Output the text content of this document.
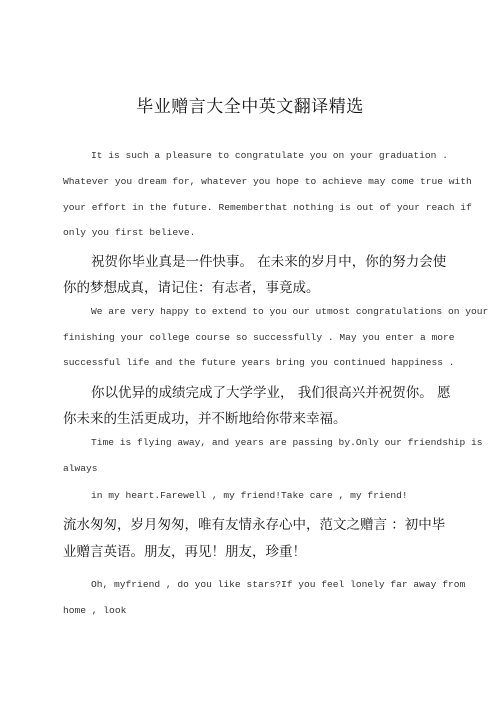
毕业赠言大全中英文翻译精选
It is such a pleasure to congratulate you on your graduation .
Whatever you dream for, whatever you hope to achieve may come true with
your effort in the future. Rememberthat nothing is out of your reach if
only you first believe.
祝贺你毕业真是一件快事。 在未来的岁月中，你的努力会使
你的梦想成真，请记住：有志者，事竟成。
We are very happy to extend to you our utmost congratulations on your
finishing your college course so successfully . May you enter a more
successful life and the future years bring you continued happiness .
你以优异的成绩完成了大学学业， 我们很高兴并祝贺你。 愿
你未来的生活更成功，并不断地给你带来幸福。
Time is flying away, and years are passing by.Only our friendship is
always
in my heart.Farewell , my friend!Take care , my friend!
流水匆匆，岁月匆匆，唯有友情永存心中，范文之赠言 ：初中毕
业赠言英语。朋友，再见！朋友，珍重！
Oh, myfriend , do you like stars?If you feel lonely far away from
home , look
